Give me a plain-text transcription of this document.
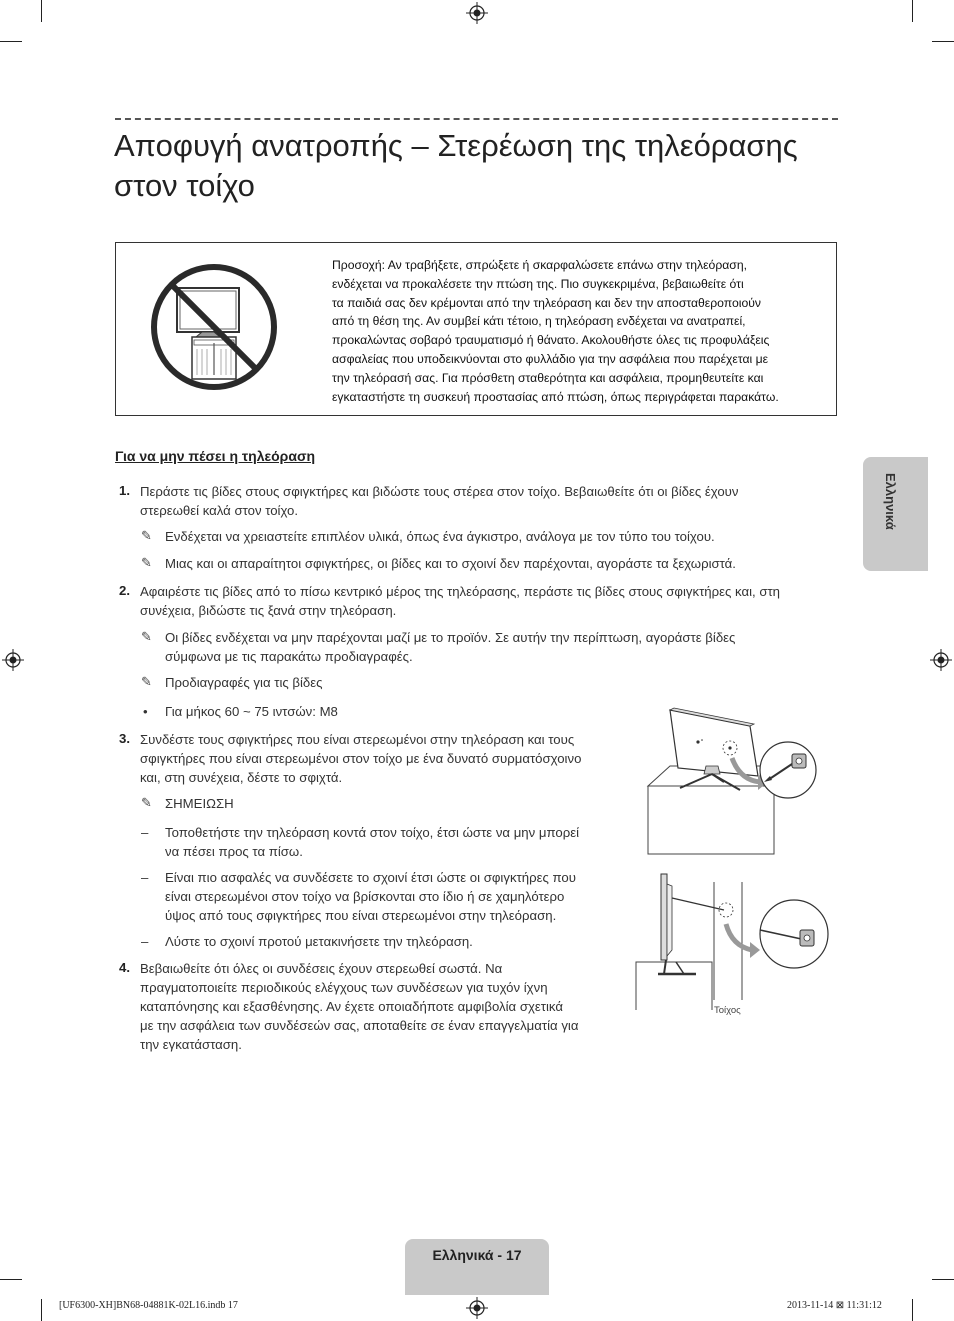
Αποφυγή ανατροπής – Στερέωση της τηλεόρασης
στον τοίχο
Προσοχή: Αν τραβήξετε, σπρώξετε ή σκαρφαλώσετε επάνω στην τηλεόραση,
ενδέχεται να προκαλέσετε την πτώση της. Πιο συγκεκριμένα, βεβαιωθείτε ότι
τα παιδιά σας δεν κρέμονται από την τηλεόραση και δεν την αποσταθεροποιούν
από τη θέση της. Αν συμβεί κάτι τέτοιο, η τηλεόραση ενδέχεται να ανατραπεί,
προκαλώντας σοβαρό τραυματισμό ή θάνατο. Ακολουθήστε όλες τις προφυλάξεις
ασφαλείας που υποδεικνύονται στο φυλλάδιο για την ασφάλεια που παρέχεται με
την τηλεόρασή σας. Για πρόσθετη σταθερότητα και ασφάλεια, προμηθευτείτε και
εγκαταστήστε τη συσκευή προστασίας από πτώση, όπως περιγράφεται παρακάτω.
Για να μην πέσει η τηλεόραση
1. Περάστε τις βίδες στους σφιγκτήρες και βιδώστε τους στέρεα στον τοίχο. Βεβαιωθείτε ότι οι βίδες έχουν
στερεωθεί καλά στον τοίχο.
✎ Ενδέχεται να χρειαστείτε επιπλέον υλικά, όπως ένα άγκιστρο, ανάλογα με τον τύπο του τοίχου.
✎ Μιας και οι απαραίτητοι σφιγκτήρες, οι βίδες και το σχοινί δεν παρέχονται, αγοράστε τα ξεχωριστά.
2. Αφαιρέστε τις βίδες από το πίσω κεντρικό μέρος της τηλεόρασης, περάστε τις βίδες στους σφιγκτήρες και, στη
συνέχεια, βιδώστε τις ξανά στην τηλεόραση.
✎ Οι βίδες ενδέχεται να μην παρέχονται μαζί με το προϊόν. Σε αυτήν την περίπτωση, αγοράστε βίδες
σύμφωνα με τις παρακάτω προδιαγραφές.
✎ Προδιαγραφές για τις βίδες
• Για μήκος 60 ~ 75 ιντσών: M8
3. Συνδέστε τους σφιγκτήρες που είναι στερεωμένοι στην τηλεόραση και τους
σφιγκτήρες που είναι στερεωμένοι στον τοίχο με ένα δυνατό συρματόσχοινο
και, στη συνέχεια, δέστε το σφιχτά.
✎ ΣΗΜΕΙΩΣΗ
– Τοποθετήστε την τηλεόραση κοντά στον τοίχο, έτσι ώστε να μην μπορεί
να πέσει προς τα πίσω.
– Είναι πιο ασφαλές να συνδέσετε το σχοινί έτσι ώστε οι σφιγκτήρες που
είναι στερεωμένοι στον τοίχο να βρίσκονται στο ίδιο ή σε χαμηλότερο
ύψος από τους σφιγκτήρες που είναι στερεωμένοι στην τηλεόραση.
– Λύστε το σχοινί προτού μετακινήσετε την τηλεόραση.
4. Βεβαιωθείτε ότι όλες οι συνδέσεις έχουν στερεωθεί σωστά. Να
πραγματοποιείτε περιοδικούς ελέγχους των συνδέσεων για τυχόν ίχνη
καταπόνησης και εξασθένησης. Αν έχετε οποιαδήποτε αμφιβολία σχετικά
με την ασφάλεια των συνδέσεών σας, αποταθείτε σε έναν επαγγελματία για
την εγκατάσταση.
Τοίχος
Ελληνικά
Ελληνικά - 17
[UF6300-XH]BN68-04881K-02L16.indb 17	2013-11-14 ⊠ 11:31:12
